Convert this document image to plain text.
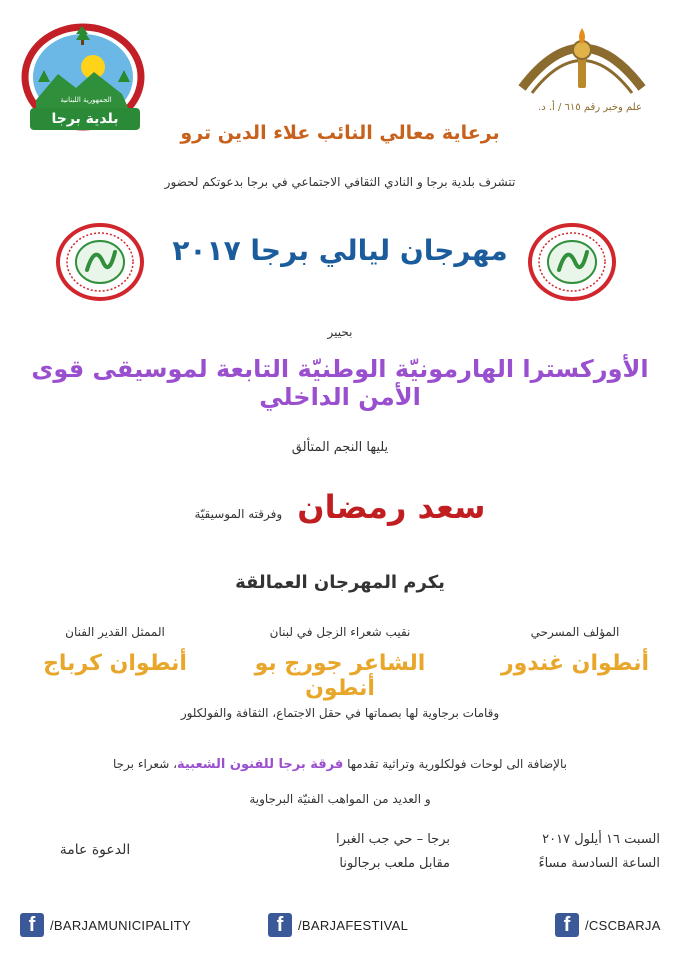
الجمهورية اللبنانية
بلدية برجا
علم وخبر رقم ٦١٥ / أ. د.
برعاية معالي النائب علاء الدين ترو
تتشرف بلدية برجا و النادي الثقافي الاجتماعي في برجا بدعوتكم لحضور
مهرجان ليالي برجا ٢٠١٧
بحيير
الأوركسترا الهارمونيّة الوطنيّة التابعة لموسيقى قوى الأمن الداخلي
يليها النجم المتألق
سعد رمضان وفرقته الموسيقيّة
يكرم المهرجان العمالقة
المؤلف المسرحي
أنطوان غندور
نقيب شعراء الزجل في لبنان
الشاعر جورج بو أنطون
الممثل القدير الفنان
أنطوان كرباج
وقامات برجاوية لها بصماتها في حقل الاجتماع، الثقافة والفولكلور
بالإضافة الى لوحات فولكلورية وتراثية تقدمها فرقة برجا للفنون الشعبية، شعراء برجا
و العديد من المواهب الفنيّة البرجاوية
السبت ١٦ أيلول ٢٠١٧
الساعة السادسة مساءً
برجا – حي جب الغبرا
مقابل ملعب برجالونا
الدعوة عامة
f	/BARJAMUNICIPALITY	f	/BARJAFESTIVAL	f	/CSCBARJA
